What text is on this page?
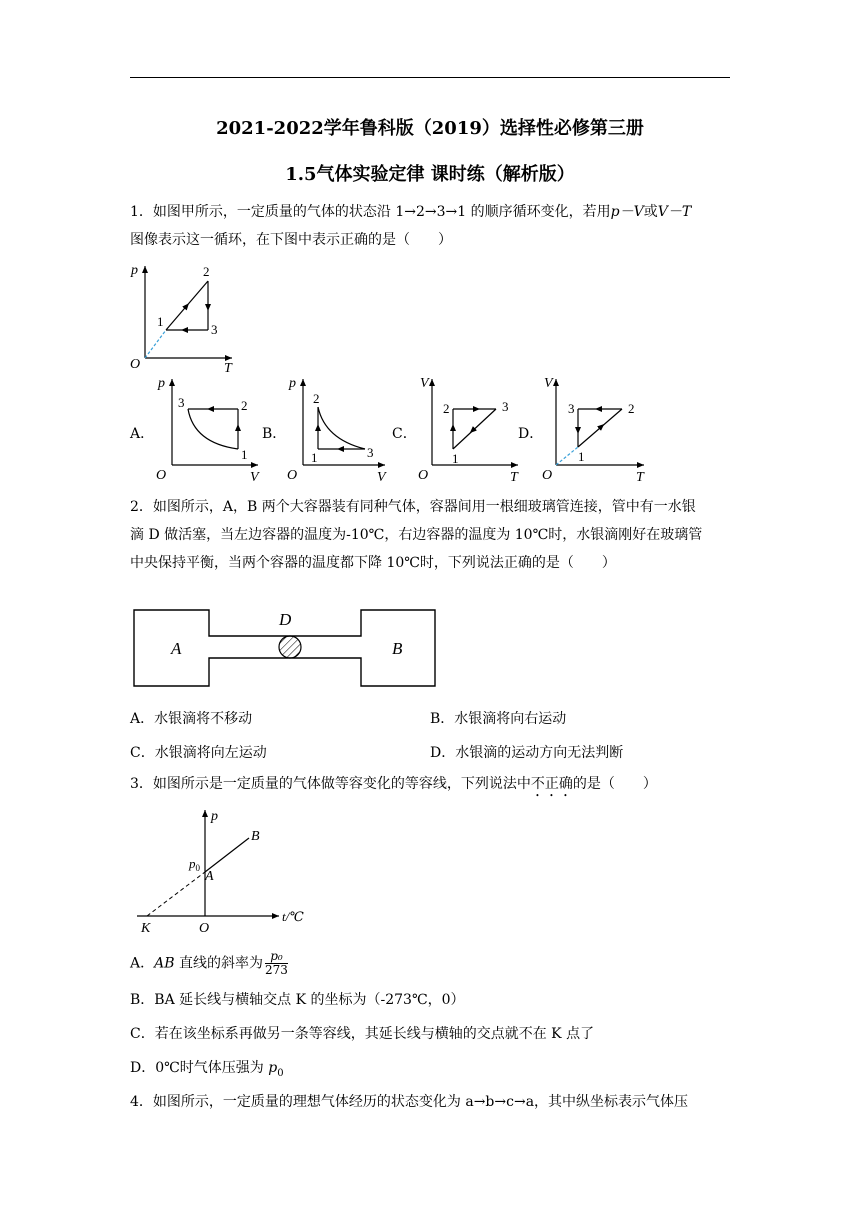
2021-2022学年鲁科版（2019）选择性必修第三册
1.5气体实验定律 课时练（解析版）
1．如图甲所示，一定质量的气体的状态沿 1→2→3→1 的顺序循环变化，若用p－V或V－T
图像表示这一循环，在下图中表示正确的是（　　）
p
O	T
2
1
3
A．
p
O	V
3	2
1
B．
p
O	V
2
1	3
C．
V
O	T
2	3
1
D．
V
O	T
3	2
1
2．如图所示，A，B 两个大容器装有同种气体，容器间用一根细玻璃管连接，管中有一水银
滴 D 做活塞，当左边容器的温度为-10℃，右边容器的温度为 10℃时，水银滴刚好在玻璃管
中央保持平衡，当两个容器的温度都下降 10℃时，下列说法正确的是（　　）
A	B
D
A．水银滴将不移动	B．水银滴将向右运动
C．水银滴将向左运动	D．水银滴的运动方向无法判断
3．如图所示是一定质量的气体做等容变化的等容线，下列说法中不正确的是（　　）
p
B
$p_0$
A
K	O
t/℃
A．AB 直线的斜率为 $\frac{\text{p₀}}{273}$
B．BA 延长线与横轴交点 K 的坐标为（-273℃，0）
C．若在该坐标系再做另一条等容线，其延长线与横轴的交点就不在 K 点了
D．0℃时气体压强为 $p_0$
4．如图所示，一定质量的理想气体经历的状态变化为 a→b→c→a，其中纵坐标表示气体压
